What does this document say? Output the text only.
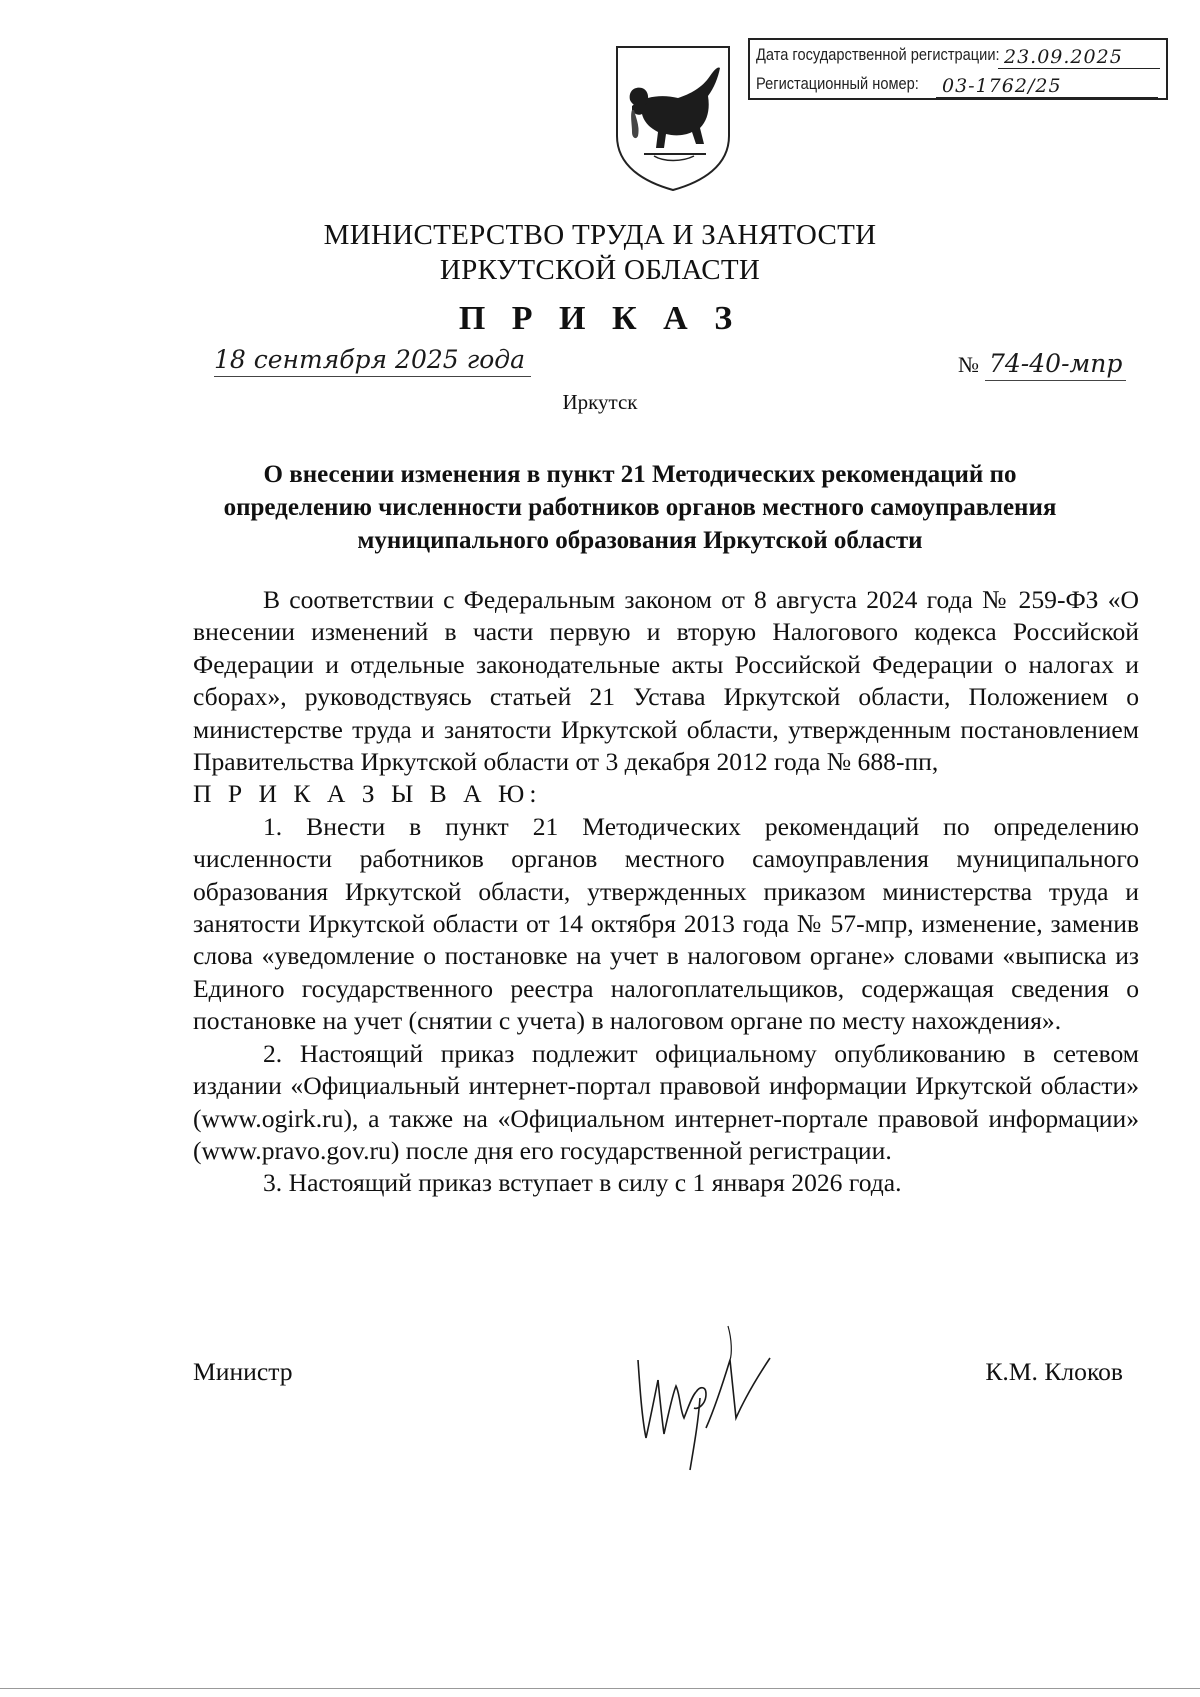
Дата государственной регистрации: 23.09.2025
Регистационный номер:	03-1762/25
МИНИСТЕРСТВО ТРУДА И ЗАНЯТОСТИ
ИРКУТСКОЙ ОБЛАСТИ
П Р И К А З
18 сентября 2025 года	№ 74-40-мпр
Иркутск
О внесении изменения в пункт 21 Методических рекомендаций по определению численности работников органов местного самоуправления муниципального образования Иркутской области

В соответствии с Федеральным законом от 8 августа 2024 года № 259-ФЗ «О внесении изменений в части первую и вторую Налогового кодекса Российской Федерации и отдельные законодательные акты Российской Федерации о налогах и сборах», руководствуясь статьей 21 Устава Иркутской области, Положением о министерстве труда и занятости Иркутской области, утвержденным постановлением Правительства Иркутской области от 3 декабря 2012 года № 688-пп,

П Р И К А З Ы В А Ю:

1. Внести в пункт 21 Методических рекомендаций по определению численности работников органов местного самоуправления муниципального образования Иркутской области, утвержденных приказом министерства труда и занятости Иркутской области от 14 октября 2013 года № 57-мпр, изменение, заменив слова «уведомление о постановке на учет в налоговом органе» словами «выписка из Единого государственного реестра налогоплательщиков, содержащая сведения о постановке на учет (снятии с учета) в налоговом органе по месту нахождения».

2. Настоящий приказ подлежит официальному опубликованию в сетевом издании «Официальный интернет-портал правовой информации Иркутской области» (www.ogirk.ru), а также на «Официальном интернет-портале правовой информации» (www.pravo.gov.ru) после дня его государственной регистрации.

3. Настоящий приказ вступает в силу с 1 января 2026 года.

Министр	К.М. Клоков
